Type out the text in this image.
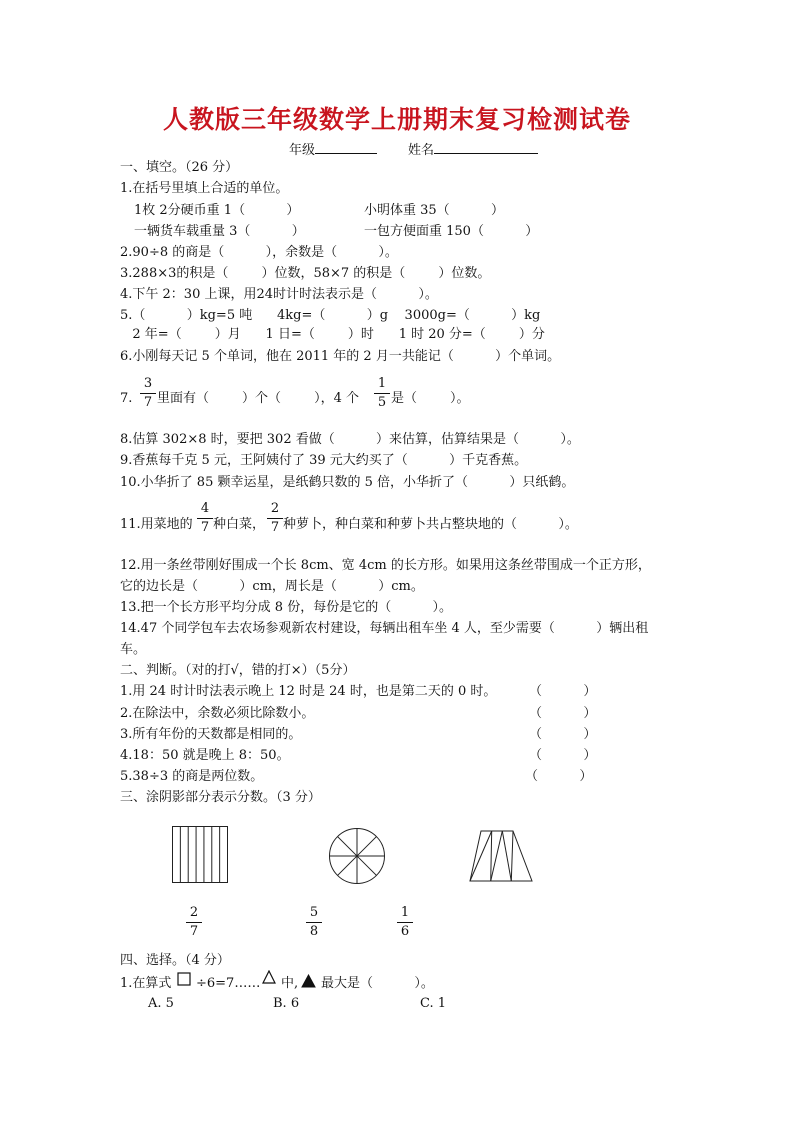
人教版三年级数学上册期末复习检测试卷
年级	姓名
一、填空。（26 分）
1.在括号里填上合适的单位。
1枚 2分硬币重 1（          ）	小明体重 35（          ）
一辆货车载重量 3（          ）	一包方便面重 150（          ）
2.90÷8 的商是（          ），余数是（          ）。
3.288×3的积是（        ）位数，58×7 的积是（        ）位数。
4.下午 2：30 上课，用24时计时法表示是（          ）。
5.（          ）kg=5 吨      4kg=（          ）g    3000g=（          ）kg
2 年=（        ）月      1 日=（        ）时      1 时 20 分=（        ）分
6.小刚每天记 5 个单词，他在 2011 年的 2 月一共能记（          ）个单词。
7.
3
7 里面有（        ）个（        ），4 个
1
5 是（        ）。
8.估算 302×8 时，要把 302 看做（          ）来估算，估算结果是（          ）。
9.香蕉每千克 5 元，王阿姨付了 39 元大约买了（          ）千克香蕉。
10.小华折了 85 颗幸运星，是纸鹤只数的 5 倍，小华折了（          ）只纸鹤。
11.用菜地的
4
7 种白菜，
2
7 种萝卜，种白菜和种萝卜共占整块地的（          ）。
12.用一条丝带刚好围成一个长 8cm、宽 4cm 的长方形。如果用这条丝带围成一个正方形，
它的边长是（          ）cm，周长是（          ）cm。
13.把一个长方形平均分成 8 份，每份是它的（          ）。
14.47 个同学包车去农场参观新农村建设，每辆出租车坐 4 人，至少需要（          ）辆出租
车。
二、判断。（对的打√，错的打×）（5分）
1.用 24 时计时法表示晚上 12 时是 24 时，也是第二天的 0 时。	（          ）
2.在除法中，余数必须比除数小。	（          ）
3.所有年份的天数都是相同的。	（          ）
4.18：50 就是晚上 8：50。	（          ）
5.38÷3 的商是两位数。	（          ）
三、涂阴影部分表示分数。（3 分）
2
7
5
8
1
6
四、选择。（4 分）
1.在算式 ÷6=7…… 中, 最大是（          ）。
A. 5	B. 6	C. 1
